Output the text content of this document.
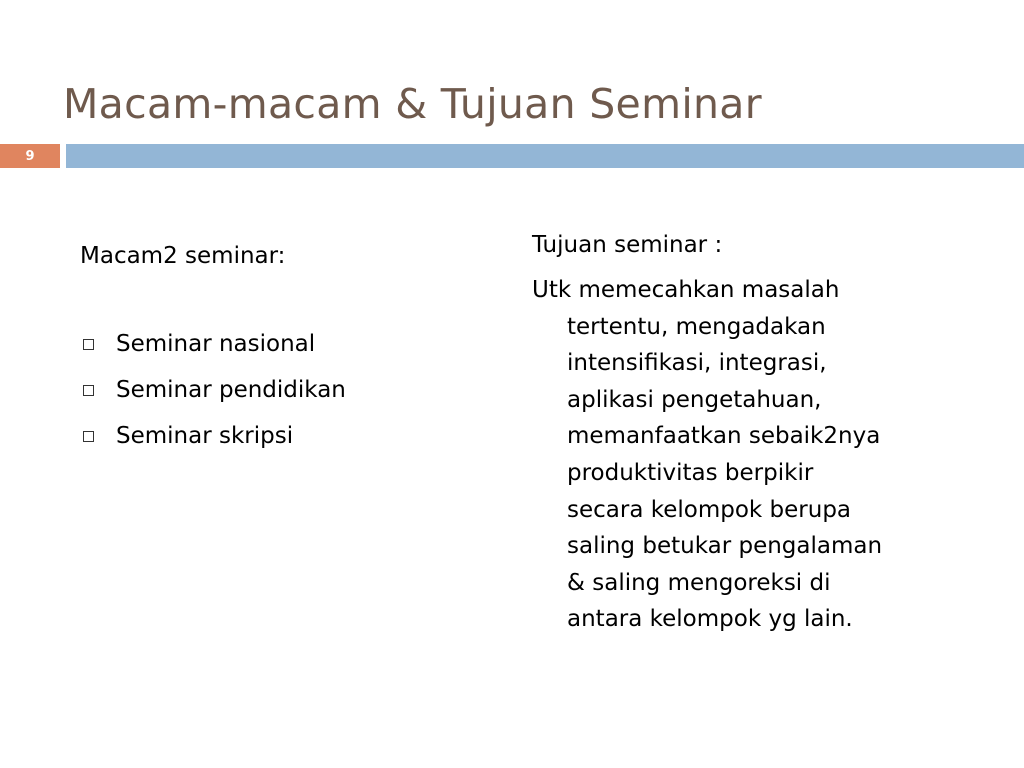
Macam-macam & Tujuan Seminar
9

Macam2 seminar:

Seminar nasional
Seminar pendidikan
Seminar skripsi

Tujuan seminar :

Utk memecahkan masalah
tertentu, mengadakan
intensifikasi, integrasi,
aplikasi pengetahuan,
memanfaatkan sebaik2nya
produktivitas berpikir
secara kelompok berupa
saling betukar pengalaman
& saling mengoreksi di
antara kelompok yg lain.
